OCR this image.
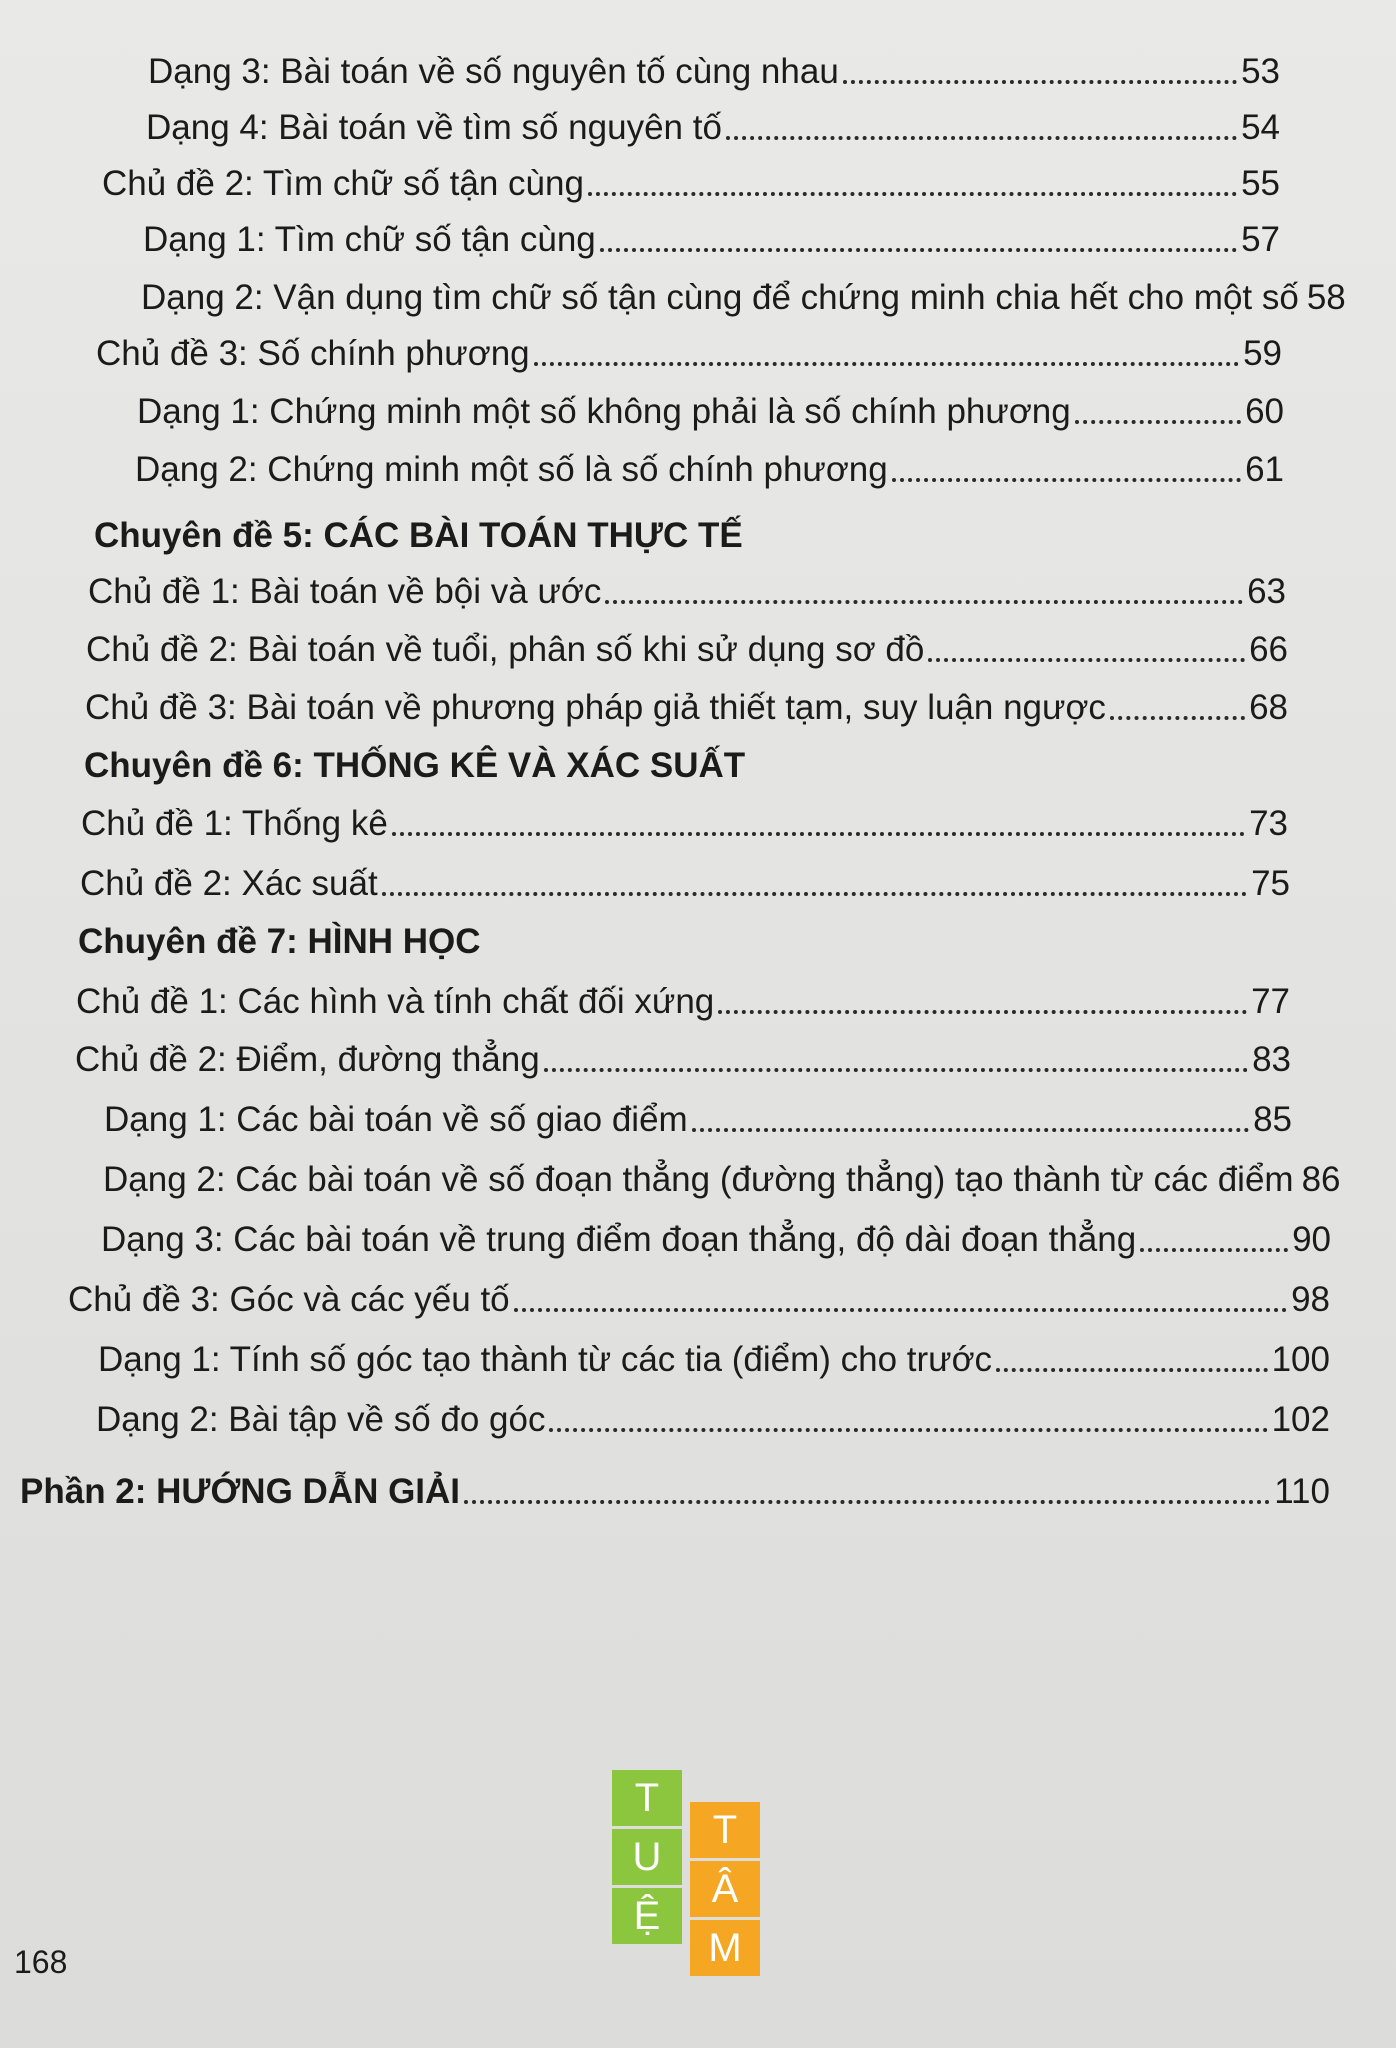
Dạng 3: Bài toán về số nguyên tố cùng nhau	53
Dạng 4: Bài toán về tìm số nguyên tố	54
Chủ đề 2: Tìm chữ số tận cùng	55
Dạng 1: Tìm chữ số tận cùng	57
Dạng 2: Vận dụng tìm chữ số tận cùng để chứng minh chia hết cho một số 58
Chủ đề 3: Số chính phương	59
Dạng 1: Chứng minh một số không phải là số chính phương	60
Dạng 2: Chứng minh một số là số chính phương	61
Chuyên đề 5: CÁC BÀI TOÁN THỰC TẾ
Chủ đề 1: Bài toán về bội và ước	63
Chủ đề 2: Bài toán về tuổi, phân số khi sử dụng sơ đồ	66
Chủ đề 3: Bài toán về phương pháp giả thiết tạm, suy luận ngược	68
Chuyên đề 6: THỐNG KÊ VÀ XÁC SUẤT
Chủ đề 1: Thống kê	73
Chủ đề 2: Xác suất	75
Chuyên đề 7: HÌNH HỌC
Chủ đề 1: Các hình và tính chất đối xứng	77
Chủ đề 2: Điểm, đường thẳng	83
Dạng 1: Các bài toán về số giao điểm	85
Dạng 2: Các bài toán về số đoạn thẳng (đường thẳng) tạo thành từ các điểm 86
Dạng 3: Các bài toán về trung điểm đoạn thẳng, độ dài đoạn thẳng	90
Chủ đề 3: Góc và các yếu tố	98
Dạng 1: Tính số góc tạo thành từ các tia (điểm) cho trước	100
Dạng 2: Bài tập về số đo góc	102
Phần 2: HƯỚNG DẪN GIẢI	110
T
U
Ệ
T
Â
M
168
